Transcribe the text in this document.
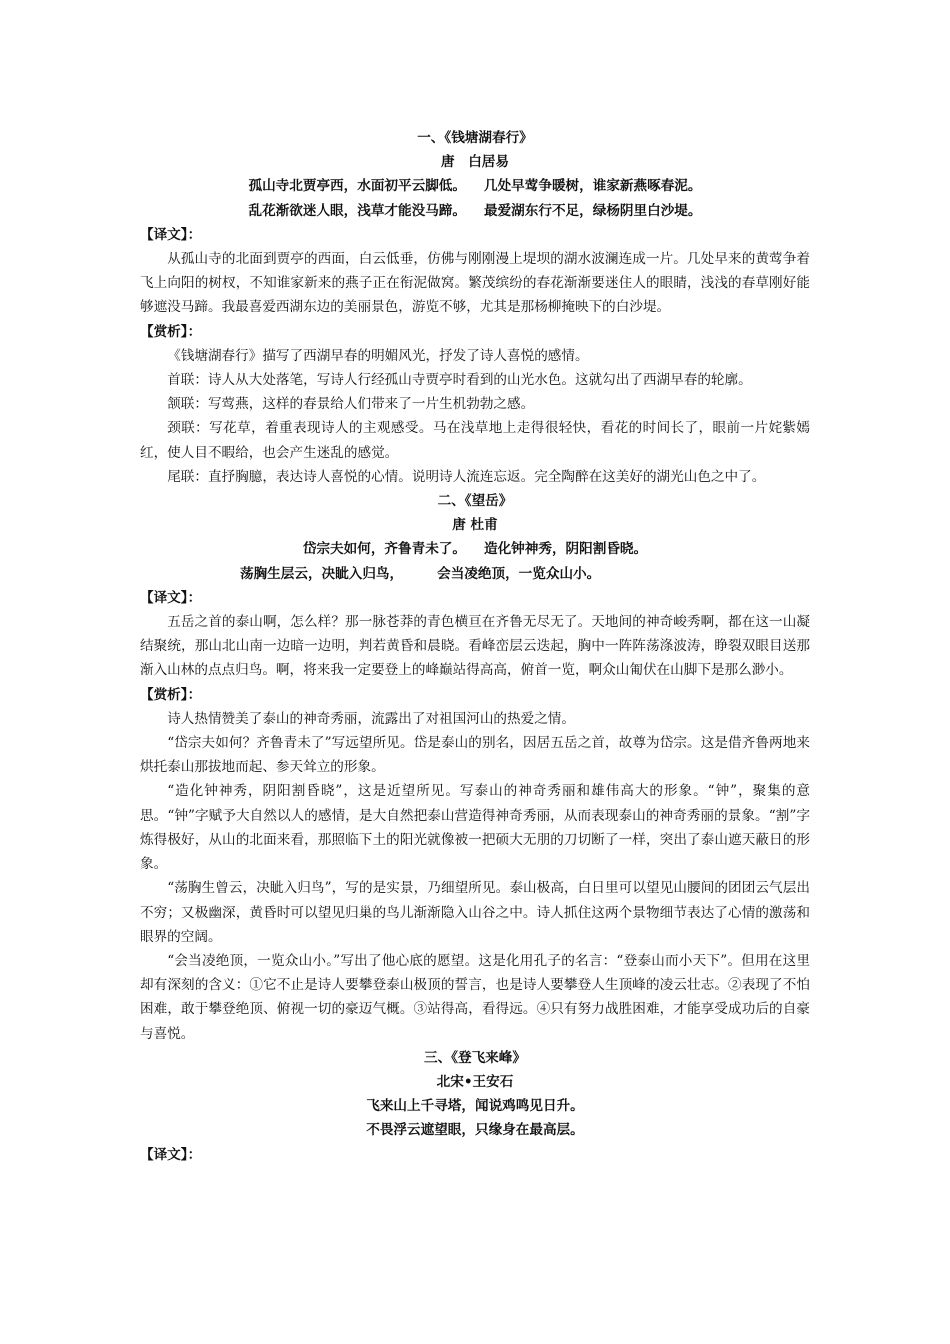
一、《钱塘湖春行》

唐　白居易

孤山寺北贾亭西，水面初平云脚低。 几处早莺争暖树，谁家新燕啄春泥。

乱花渐欲迷人眼，浅草才能没马蹄。 最爱湖东行不足，绿杨阴里白沙堤。

【译文】：

从孤山寺的北面到贾亭的西面，白云低垂，仿佛与刚刚漫上堤坝的湖水波澜连成一片。几处早来的黄莺争着飞上向阳的树杈，不知谁家新来的燕子正在衔泥做窝。繁茂缤纷的春花渐渐要迷住人的眼睛，浅浅的春草刚好能够遮没马蹄。我最喜爱西湖东边的美丽景色，游览不够，尤其是那杨柳掩映下的白沙堤。

【赏析】：

《钱塘湖春行》描写了西湖早春的明媚风光，抒发了诗人喜悦的感情。

首联：诗人从大处落笔，写诗人行经孤山寺贾亭时看到的山光水色。这就勾出了西湖早春的轮廓。

颔联：写莺燕，这样的春景给人们带来了一片生机勃勃之感。

颈联：写花草，着重表现诗人的主观感受。马在浅草地上走得很轻快，看花的时间长了，眼前一片姹紫嫣红，使人目不暇给，也会产生迷乱的感觉。

尾联：直抒胸臆，表达诗人喜悦的心情。说明诗人流连忘返。完全陶醉在这美好的湖光山色之中了。

二、《望岳》

唐 杜甫

岱宗夫如何，齐鲁青未了。 造化钟神秀，阴阳割昏晓。

荡胸生层云，决眦入归鸟，	会当凌绝顶，一览众山小。

【译文】：

五岳之首的泰山啊，怎么样？那一脉苍莽的青色横亘在齐鲁无尽无了。天地间的神奇峻秀啊，都在这一山凝结聚统，那山北山南一边暗一边明，判若黄昏和晨晓。看峰峦层云迭起，胸中一阵阵荡涤波涛，睁裂双眼目送那渐入山林的点点归鸟。啊，将来我一定要登上的峰巅站得高高，俯首一览，啊众山匍伏在山脚下是那么渺小。

【赏析】：

诗人热情赞美了泰山的神奇秀丽，流露出了对祖国河山的热爱之情。

“岱宗夫如何？齐鲁青未了”写远望所见。岱是泰山的别名，因居五岳之首，故尊为岱宗。这是借齐鲁两地来烘托泰山那拔地而起、参天耸立的形象。

“造化钟神秀，阴阳割昏晓”，这是近望所见。写泰山的神奇秀丽和雄伟高大的形象。“钟”，聚集的意思。“钟”字赋予大自然以人的感情，是大自然把泰山营造得神奇秀丽，从而表现泰山的神奇秀丽的景象。“割”字炼得极好，从山的北面来看，那照临下土的阳光就像被一把硕大无朋的刀切断了一样，突出了泰山遮天蔽日的形象。

“荡胸生曾云，决眦入归鸟”，写的是实景，乃细望所见。泰山极高，白日里可以望见山腰间的团团云气层出不穷；又极幽深，黄昏时可以望见归巢的鸟儿渐渐隐入山谷之中。诗人抓住这两个景物细节表达了心情的激荡和眼界的空阔。

“会当凌绝顶，一览众山小。”写出了他心底的愿望。这是化用孔子的名言：“登泰山而小天下”。但用在这里却有深刻的含义：①它不止是诗人要攀登泰山极顶的誓言，也是诗人要攀登人生顶峰的凌云壮志。②表现了不怕困难，敢于攀登绝顶、俯视一切的豪迈气概。③站得高，看得远。④只有努力战胜困难，才能享受成功后的自豪与喜悦。

三、《登飞来峰》

北宋•王安石

飞来山上千寻塔，闻说鸡鸣见日升。

不畏浮云遮望眼，只缘身在最高层。

【译文】：
